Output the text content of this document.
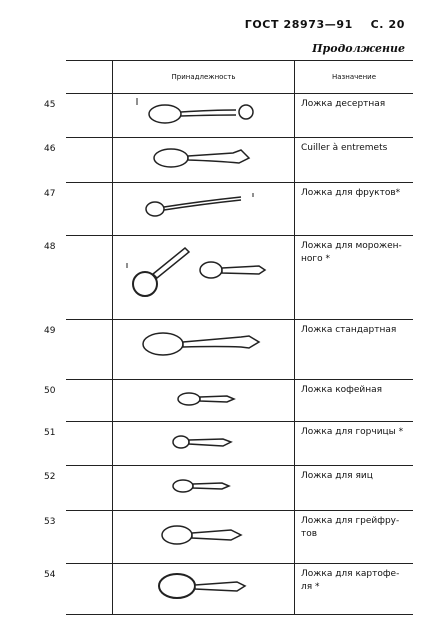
ГОСТ 28973—91 С. 20
Продолжение
	Принадлежность	Назначение
45		Ложка десертная
46		Cuiller à entremets
47		Ложка для фруктов*
48		Ложка для морожен-
ного *
49		Ложка стандартная
50		Ложка кофейная
51		Ложка для горчицы *
52		Ложка для яиц
53		Ложка для грейфру-
тов
54		Ложка для картофе-
ля *
